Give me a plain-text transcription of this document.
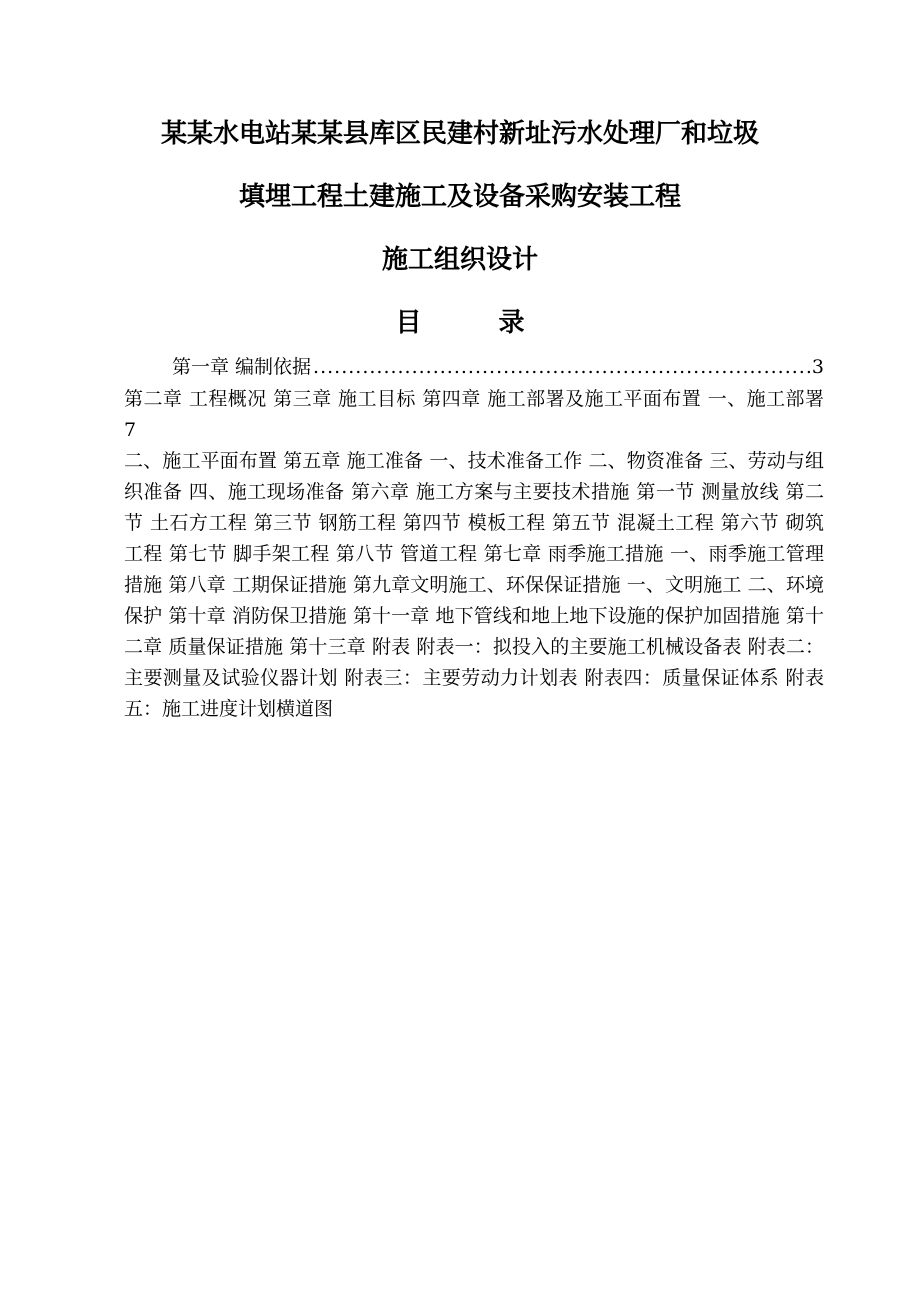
某某水电站某某县库区民建村新址污水处理厂和垃圾
填埋工程土建施工及设备采购安装工程
施工组织设计
目 录
第一章 编制依据
.....	3
第二章 工程概况 第三章 施工目标 第四章 施工部署及施工平面布置 一、施工部署 7
二、施工平面布置 第五章 施工准备 一、技术准备工作 二、物资准备 三、劳动与组织准备 四、施工现场准备 第六章 施工方案与主要技术措施 第一节 测量放线 第二节 土石方工程 第三节 钢筋工程 第四节 模板工程 第五节 混凝土工程 第六节 砌筑工程 第七节 脚手架工程 第八节 管道工程 第七章 雨季施工措施 一、雨季施工管理措施 第八章 工期保证措施 第九章文明施工、环保保证措施 一、文明施工 二、环境保护 第十章 消防保卫措施 第十一章 地下管线和地上地下设施的保护加固措施 第十二章 质量保证措施 第十三章 附表 附表一：拟投入的主要施工机械设备表 附表二：主要测量及试验仪器计划 附表三：主要劳动力计划表 附表四：质量保证体系 附表五：施工进度计划横道图
